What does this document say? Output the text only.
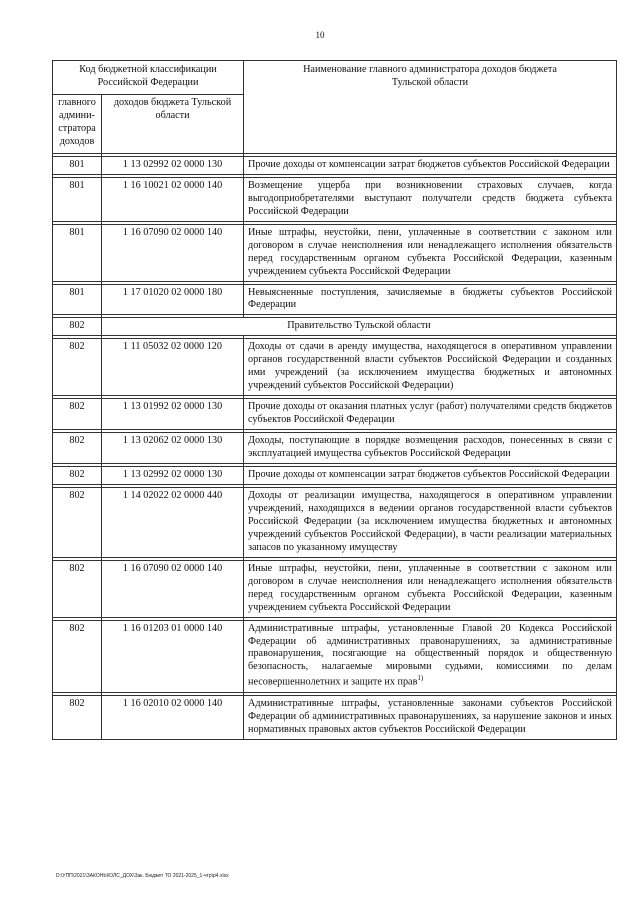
10
Код бюджетной классификации Российской Федерации		Наименование главного администратора доходов бюджета Тульской области
главного админи-стратора доходов	доходов бюджета Тульской области	

801	1 13 02992 02 0000 130	Прочие доходы от компенсации затрат бюджетов субъектов Российской Федерации

801	1 16 10021 02 0000 140	Возмещение ущерба при возникновении страховых случаев, когда выгодоприобретателями выступают получатели средств бюджета субъекта Российской Федерации

801	1 16 07090 02 0000 140	Иные штрафы, неустойки, пени, уплаченные в соответствии с законом или договором в случае неисполнения или ненадлежащего исполнения обязательств перед государственным органом субъекта Российской Федерации, казенным учреждением субъекта Российской Федерации

801	1 17 01020 02 0000 180	Невыясненные поступления, зачисляемые в бюджеты субъектов Российской Федерации

802	Правительство Тульской области	

802	1 11 05032 02 0000 120	Доходы от сдачи в аренду имущества, находящегося в оперативном управлении органов государственной власти субъектов Российской Федерации и созданных ими учреждений (за исключением имущества бюджетных и автономных учреждений субъектов Российской Федерации)

802	1 13 01992 02 0000 130	Прочие доходы от оказания платных услуг (работ) получателями средств бюджетов субъектов Российской Федерации

802	1 13 02062 02 0000 130	Доходы, поступающие в порядке возмещения расходов, понесенных в связи с эксплуатацией имущества субъектов Российской Федерации

802	1 13 02992 02 0000 130	Прочие доходы от компенсации затрат бюджетов субъектов Российской Федерации

802	1 14 02022 02 0000 440	Доходы от реализации имущества, находящегося в оперативном управлении учреждений, находящихся в ведении органов государственной власти субъектов Российской Федерации (за исключением имущества бюджетных и автономных учреждений субъектов Российской Федерации), в части реализации материальных запасов по указанному имуществу

802	1 16 07090 02 0000 140	Иные штрафы, неустойки, пени, уплаченные в соответствии с законом или договором в случае неисполнения или ненадлежащего исполнения обязательств перед государственным органом субъекта Российской Федерации, казенным учреждением субъекта Российской Федерации

802	1 16 01203 01 0000 140	Административные штрафы, установленные Главой 20 Кодекса Российской Федерации об административных правонарушениях, за административные правонарушения, посягающие на общественный порядок и общественную безопасность, налагаемые мировыми судьями, комиссиями по делам несовершеннолетних и защите их прав$^{1)}$

802	1 16 02010 02 0000 140	Административные штрафы, установленные законами субъектов Российской Федерации об административных правонарушениях, за нарушение законов и иных нормативных правовых актов субъектов Российской Федерации
D:\УПП\2021\ЗАКОНЫ\ОЛС_ДОХ\Зак. Бюджет ТО 2021-2025_1-чтр\p4.xlsx
